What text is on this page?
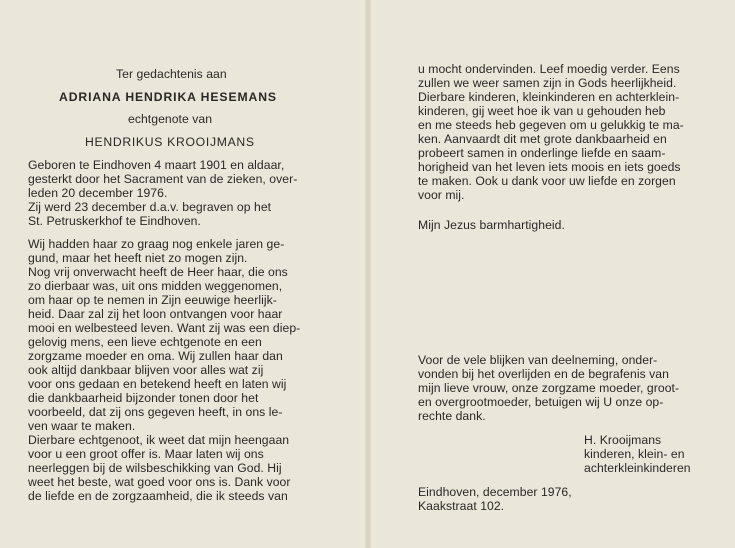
Ter gedachtenis aan
ADRIANA HENDRIKA HESEMANS
echtgenote van
HENDRIKUS KROOIJMANS
Geboren te Eindhoven 4 maart 1901 en aldaar,
gesterkt door het Sacrament van de zieken, over-
leden 20 december 1976.
Zij werd 23 december d.a.v. begraven op het
St. Petruskerkhof te Eindhoven.
Wij hadden haar zo graag nog enkele jaren ge-
gund, maar het heeft niet zo mogen zijn.
Nog vrij onverwacht heeft de Heer haar, die ons
zo dierbaar was, uit ons midden weggenomen,
om haar op te nemen in Zijn eeuwige heerlijk-
heid. Daar zal zij het loon ontvangen voor haar
mooi en welbesteed leven. Want zij was een diep-
gelovig mens, een lieve echtgenote en een
zorgzame moeder en oma. Wij zullen haar dan
ook altijd dankbaar blijven voor alles wat zij
voor ons gedaan en betekend heeft en laten wij
die dankbaarheid bijzonder tonen door het
voorbeeld, dat zij ons gegeven heeft, in ons le-
ven waar te maken.
Dierbare echtgenoot, ik weet dat mijn heengaan
voor u een groot offer is. Maar laten wij ons
neerleggen bij de wilsbeschikking van God. Hij
weet het beste, wat goed voor ons is. Dank voor
de liefde en de zorgzaamheid, die ik steeds van
u mocht ondervinden. Leef moedig verder. Eens
zullen we weer samen zijn in Gods heerlijkheid.
Dierbare kinderen, kleinkinderen en achterklein-
kinderen, gij weet hoe ik van u gehouden heb
en me steeds heb gegeven om u gelukkig te ma-
ken. Aanvaardt dit met grote dankbaarheid en
probeert samen in onderlinge liefde en saam-
horigheid van het leven iets moois en iets goeds
te maken. Ook u dank voor uw liefde en zorgen
voor mij.
Mijn Jezus barmhartigheid.
Voor de vele blijken van deelneming, onder-
vonden bij het overlijden en de begrafenis van
mijn lieve vrouw, onze zorgzame moeder, groot-
en overgrootmoeder, betuigen wij U onze op-
rechte dank.
H. Krooijmans
kinderen, klein- en
achterkleinkinderen
Eindhoven, december 1976,
Kaakstraat 102.
